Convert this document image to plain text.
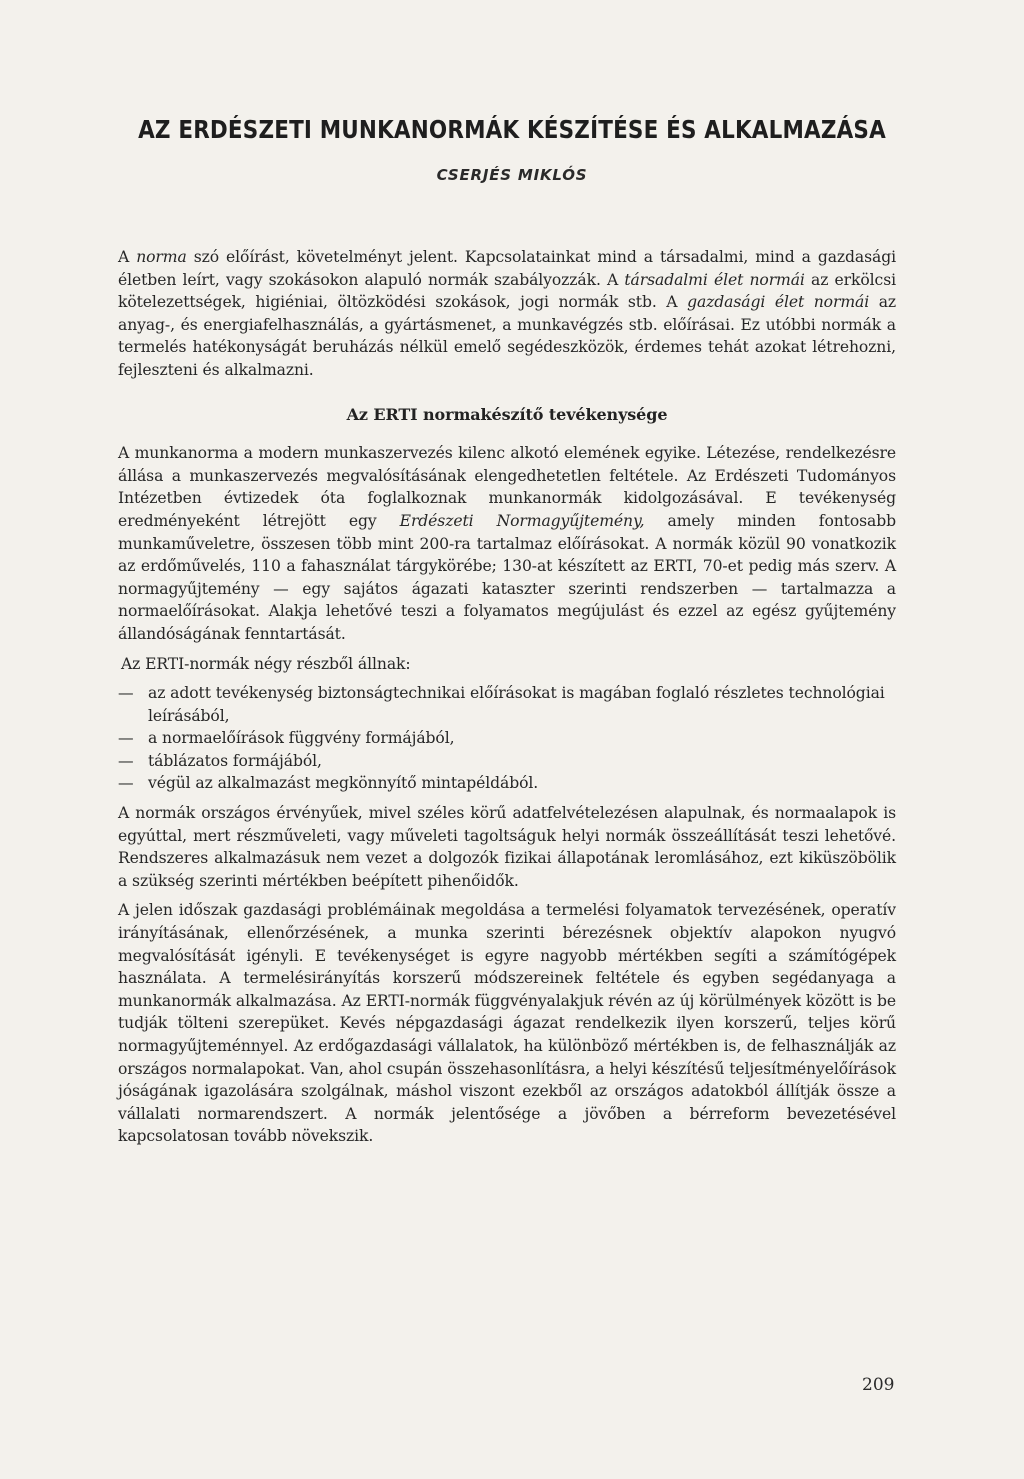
AZ ERDÉSZETI MUNKANORMÁK KÉSZÍTÉSE ÉS ALKALMAZÁSA

CSERJÉS MIKLÓS

A norma szó előírást, követelményt jelent. Kapcsolatainkat mind a társadalmi, mind a gazdasági életben leírt, vagy szokásokon alapuló normák szabályozzák. A társadalmi élet normái az erkölcsi kötelezettségek, higiéniai, öltözködési szokások, jogi normák stb. A gazdasági élet normái az anyag-, és energiafelhasználás, a gyártásmenet, a munkavégzés stb. előírásai. Ez utóbbi normák a termelés hatékonyságát beruházás nélkül emelő segédeszközök, érdemes tehát azokat létrehozni, fejleszteni és alkalmazni.

Az ERTI normakészítő tevékenysége

A munkanorma a modern munkaszervezés kilenc alkotó elemének egyike. Létezése, rendelkezésre állása a munkaszervezés megvalósításának elengedhetetlen feltétele. Az Erdészeti Tudományos Intézetben évtizedek óta foglalkoznak munkanormák kidolgozásával. E tevékenység eredményeként létrejött egy Erdészeti Normagyűjtemény, amely minden fontosabb munkaműveletre, összesen több mint 200-ra tartalmaz előírásokat. A normák közül 90 vonatkozik az erdőművelés, 110 a fahasználat tárgykörébe; 130-at készített az ERTI, 70-et pedig más szerv. A normagyűjtemény — egy sajátos ágazati kataszter szerinti rendszerben — tartalmazza a normaelőírásokat. Alakja lehetővé teszi a folyamatos megújulást és ezzel az egész gyűjtemény állandóságának fenntartását.

Az ERTI-normák négy részből állnak:

— az adott tevékenység biztonságtechnikai előírásokat is magában foglaló részletes technológiai leírásából,
— a normaelőírások függvény formájából,
— táblázatos formájából,
— végül az alkalmazást megkönnyítő mintapéldából.

A normák országos érvényűek, mivel széles körű adatfelvételezésen alapulnak, és normaalapok is egyúttal, mert részműveleti, vagy műveleti tagoltságuk helyi normák összeállítását teszi lehetővé. Rendszeres alkalmazásuk nem vezet a dolgozók fizikai állapotának leromlásához, ezt kiküszöbölik a szükség szerinti mértékben beépített pihenőidők.

A jelen időszak gazdasági problémáinak megoldása a termelési folyamatok tervezésének, operatív irányításának, ellenőrzésének, a munka szerinti bérezésnek objektív alapokon nyugvó megvalósítását igényli. E tevékenységet is egyre nagyobb mértékben segíti a számítógépek használata. A termelésirányítás korszerű módszereinek feltétele és egyben segédanyaga a munkanormák alkalmazása. Az ERTI-normák függvényalakjuk révén az új körülmények között is be tudják tölteni szerepüket. Kevés népgazdasági ágazat rendelkezik ilyen korszerű, teljes körű normagyűjteménnyel. Az erdőgazdasági vállalatok, ha különböző mértékben is, de felhasználják az országos normalapokat. Van, ahol csupán összehasonlításra, a helyi készítésű teljesítményelőírások jóságának igazolására szolgálnak, máshol viszont ezekből az országos adatokból állítják össze a vállalati normarendszert. A normák jelentősége a jövőben a bérreform bevezetésével kapcsolatosan tovább növekszik.

209
